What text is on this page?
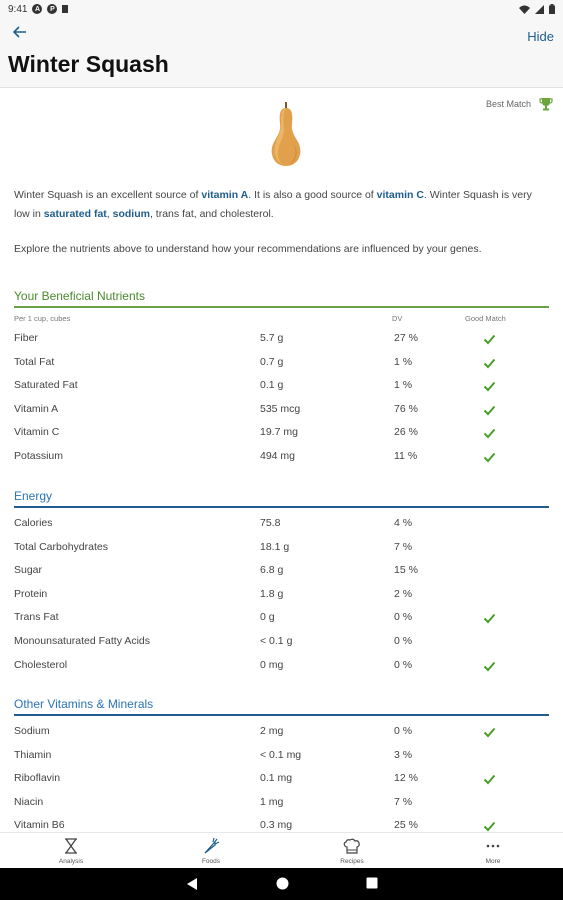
9:41	A	P
Hide
Winter Squash
Best Match
Winter Squash is an excellent source of vitamin A. It is also a good source of vitamin C. Winter Squash is very low in saturated fat, sodium, trans fat, and cholesterol.
Explore the nutrients above to understand how your recommendations are influenced by your genes.
Your Beneficial Nutrients
Per 1 cup, cubes	DV	Good Match
Fiber	5.7 g	27 %
Total Fat	0.7 g	1 %
Saturated Fat	0.1 g	1 %
Vitamin A	535 mcg	76 %
Vitamin C	19.7 mg	26 %
Potassium	494 mg	11 %
Energy
Calories	75.8	4 %
Total Carbohydrates	18.1 g	7 %
Sugar	6.8 g	15 %
Protein	1.8 g	2 %
Trans Fat	0 g	0 %
Monounsaturated Fatty Acids	< 0.1 g	0 %
Cholesterol	0 mg	0 %
Other Vitamins & Minerals
Sodium	2 mg	0 %
Thiamin	< 0.1 mg	3 %
Riboflavin	0.1 mg	12 %
Niacin	1 mg	7 %
Vitamin B6	0.3 mg	25 %
Analysis	Foods	Recipes	More
